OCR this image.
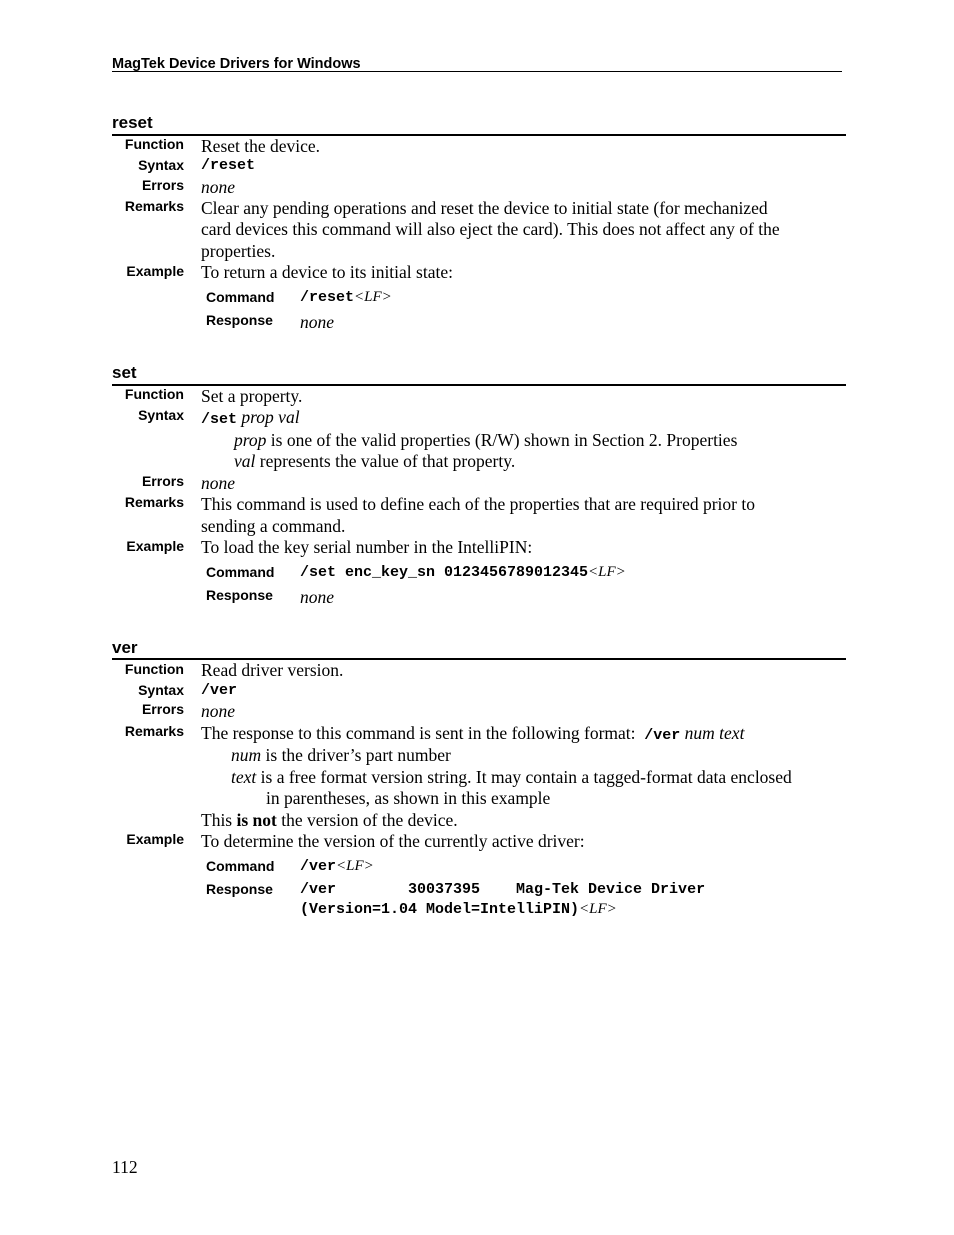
MagTek Device Drivers for Windows
reset
Function Reset the device.
Syntax /reset
Errors none
Remarks Clear any pending operations and reset the device to initial state (for mechanized
card devices this command will also eject the card). This does not affect any of the
properties.
Example To return a device to its initial state:
Command /reset<LF>
Response none
set
Function Set a property.
Syntax /set prop val
prop is one of the valid properties (R/W) shown in Section 2. Properties
val represents the value of that property.
Errors none
Remarks This command is used to define each of the properties that are required prior to
sending a command.
Example To load the key serial number in the IntelliPIN:
Command /set enc_key_sn 0123456789012345<LF>
Response none
ver
Function Read driver version.
Syntax /ver
Errors none
Remarks The response to this command is sent in the following format:  /ver num text
num is the driver’s part number
text is a free format version string. It may contain a tagged-format data enclosed
in parentheses, as shown in this example
This is not the version of the device.
Example To determine the version of the currently active driver:
Command /ver<LF>
Response /ver        30037395    Mag-Tek Device Driver
(Version=1.04 Model=IntelliPIN)<LF>
112
